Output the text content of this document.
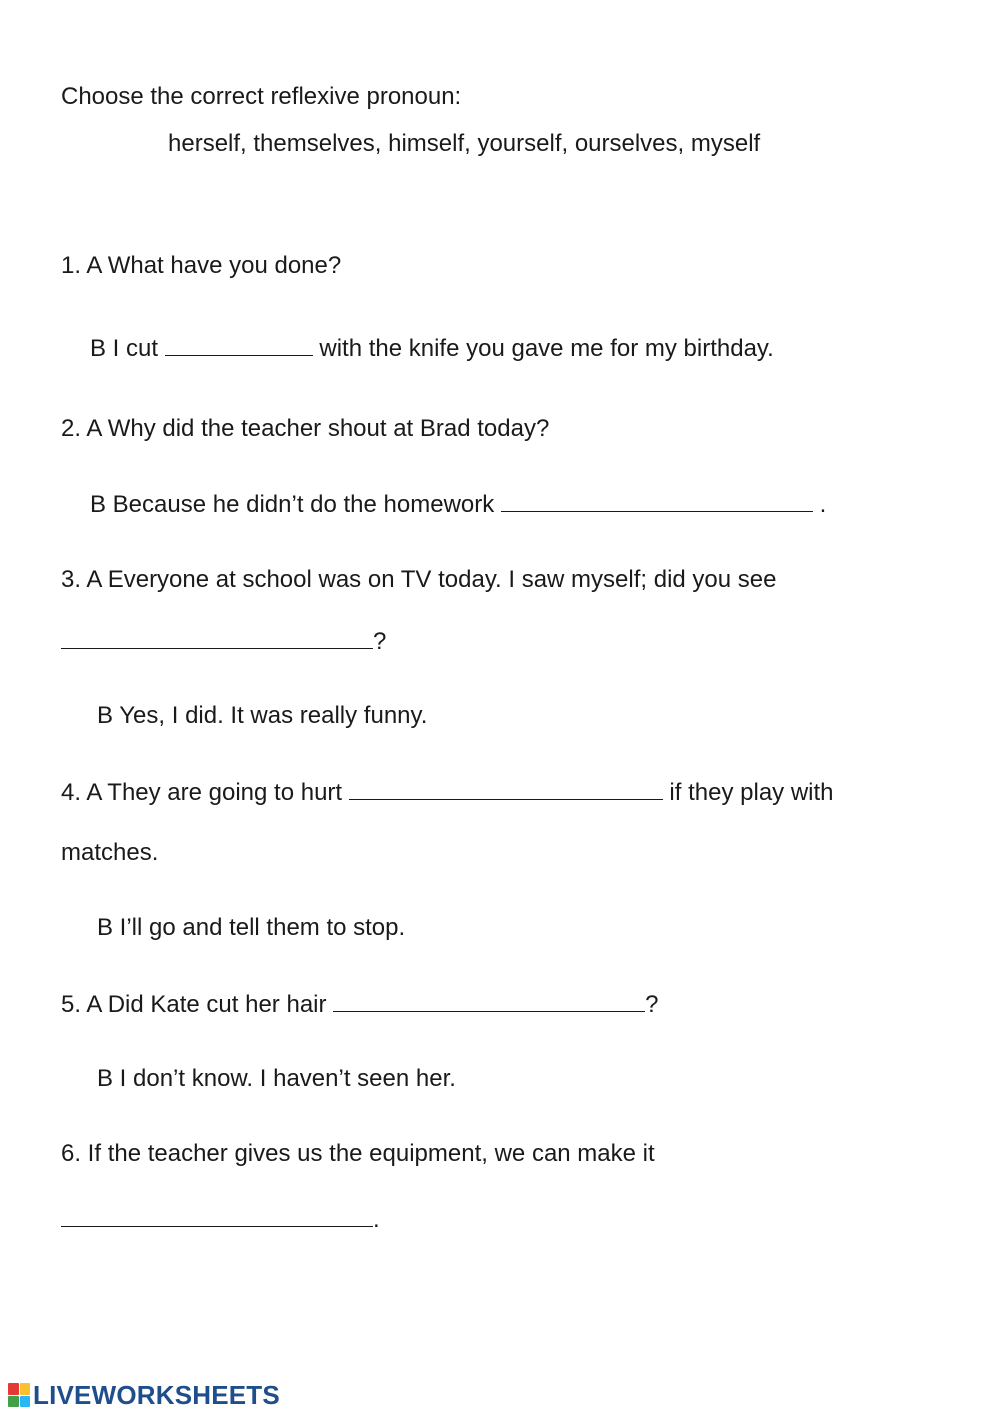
Choose the correct reflexive pronoun:

herself, themselves, himself, yourself, ourselves, myself

1. A What have you done?

B I cut	with the knife you gave me for my birthday.

2. A Why did the teacher shout at Brad today?

B Because he didn’t do the homework	.

3. A Everyone at school was on TV today. I saw myself; did you see

?

B Yes, I did. It was really funny.

4. A They are going to hurt	if they play with

matches.

B I’ll go and tell them to stop.

5. A Did Kate cut her hair	?

B I don’t know. I haven’t seen her.

6. If the teacher gives us the equipment, we can make it

.

LIVEWORKSHEETS
